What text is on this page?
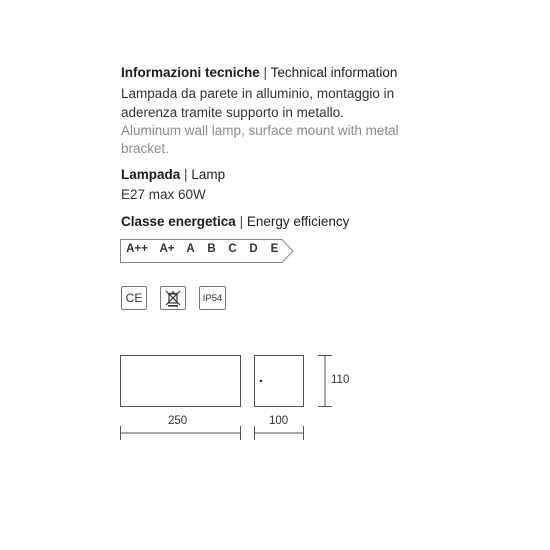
Informazioni tecniche | Technical information
Lampada da parete in alluminio, montaggio in
aderenza tramite supporto in metallo.
Aluminum wall lamp, surface mount with metal
bracket.
Lampada | Lamp
E27 max 60W
Classe energetica | Energy efficiency
A++	A+	A	B	C	D	E
CE	IP54
250	100
110
